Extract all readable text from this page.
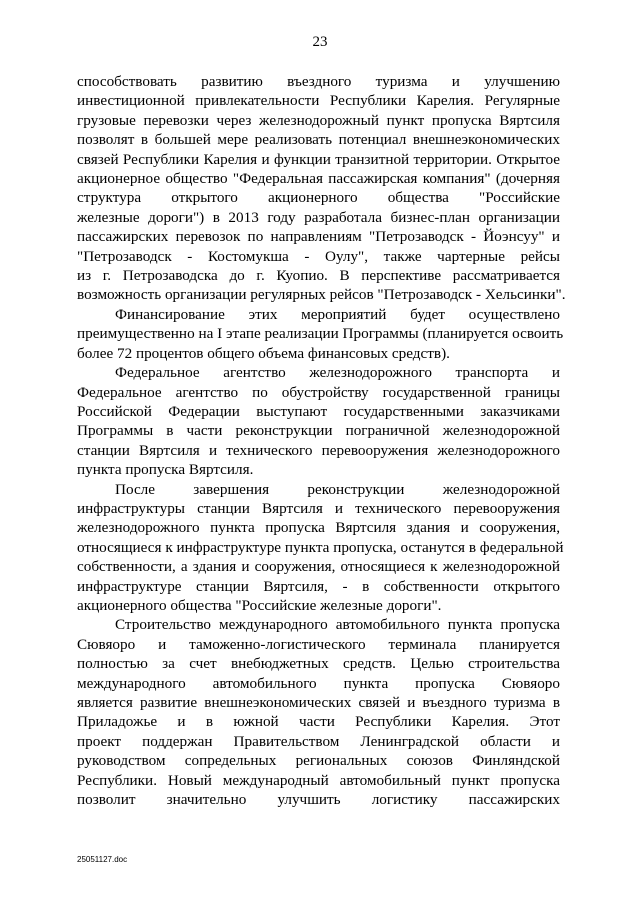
23
способствовать развитию въездного туризма и улучшению
инвестиционной привлекательности Республики Карелия. Регулярные
грузовые перевозки через железнодорожный пункт пропуска Вяртсиля
позволят в большей мере реализовать потенциал внешнеэкономических
связей Республики Карелия и функции транзитной территории. Открытое
акционерное общество "Федеральная пассажирская компания" (дочерняя
структура открытого акционерного общества "Российские
железные дороги") в 2013 году разработала бизнес-план организации
пассажирских перевозок по направлениям "Петрозаводск - Йоэнсуу" и
"Петрозаводск - Костомукша - Оулу", также чартерные рейсы
из г. Петрозаводска до г. Куопио. В перспективе рассматривается
возможность организации регулярных рейсов "Петрозаводск - Хельсинки".
Финансирование этих мероприятий будет осуществлено
преимущественно на I этапе реализации Программы (планируется освоить
более 72 процентов общего объема финансовых средств).
Федеральное агентство железнодорожного транспорта и
Федеральное агентство по обустройству государственной границы
Российской Федерации выступают государственными заказчиками
Программы в части реконструкции пограничной железнодорожной
станции Вяртсиля и технического перевооружения железнодорожного
пункта пропуска Вяртсиля.
После завершения реконструкции железнодорожной
инфраструктуры станции Вяртсиля и технического перевооружения
железнодорожного пункта пропуска Вяртсиля здания и сооружения,
относящиеся к инфраструктуре пункта пропуска, останутся в федеральной
собственности, а здания и сооружения, относящиеся к железнодорожной
инфраструктуре станции Вяртсиля, - в собственности открытого
акционерного общества "Российские железные дороги".
Строительство международного автомобильного пункта пропуска
Сювяоро и таможенно-логистического терминала планируется
полностью за счет внебюджетных средств. Целью строительства
международного автомобильного пункта пропуска Сювяоро
является развитие внешнеэкономических связей и въездного туризма в
Приладожье и в южной части Республики Карелия. Этот
проект поддержан Правительством Ленинградской области и
руководством сопредельных региональных союзов Финляндской
Республики. Новый международный автомобильный пункт пропуска
позволит значительно улучшить логистику пассажирских
25051127.doc
